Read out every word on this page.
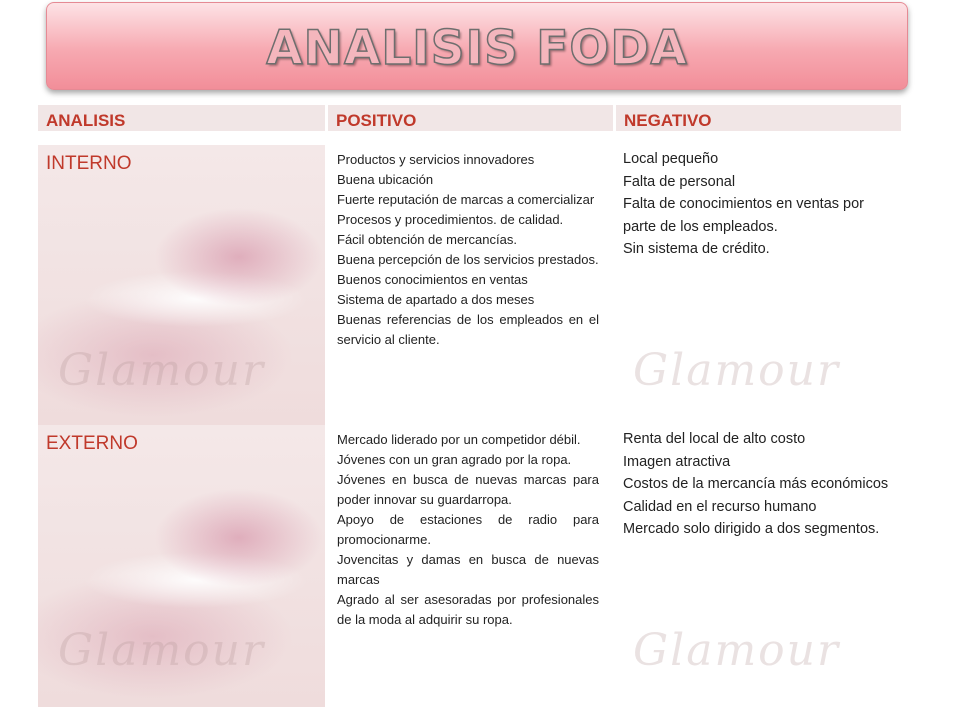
ANALISIS FODA
ANALISIS	POSITIVO	NEGATIVO
INTERNO
Glamour
Productos y servicios innovadores
Buena ubicación
Fuerte reputación de marcas a comercializar
Procesos y procedimientos. de calidad.
Fácil obtención de mercancías.
Buena percepción de los servicios prestados.
Buenos conocimientos en ventas
Sistema de apartado a dos meses
Buenas referencias de los empleados en el servicio al cliente.
Local pequeño
Falta de personal
Falta de conocimientos en ventas por parte de los empleados.
Sin sistema de crédito.
Glamour
EXTERNO
Glamour
Mercado liderado por un competidor débil.
Jóvenes con un gran agrado por la ropa.
Jóvenes en busca de nuevas marcas para poder innovar su guardarropa.
Apoyo de estaciones de radio para promocionarme.
Jovencitas y damas en busca de nuevas marcas
Agrado al ser asesoradas por profesionales de la moda al adquirir su ropa.
Renta del local de alto costo
Imagen atractiva
Costos de la mercancía más económicos
Calidad en el recurso humano
Mercado solo dirigido a dos segmentos.
Glamour
